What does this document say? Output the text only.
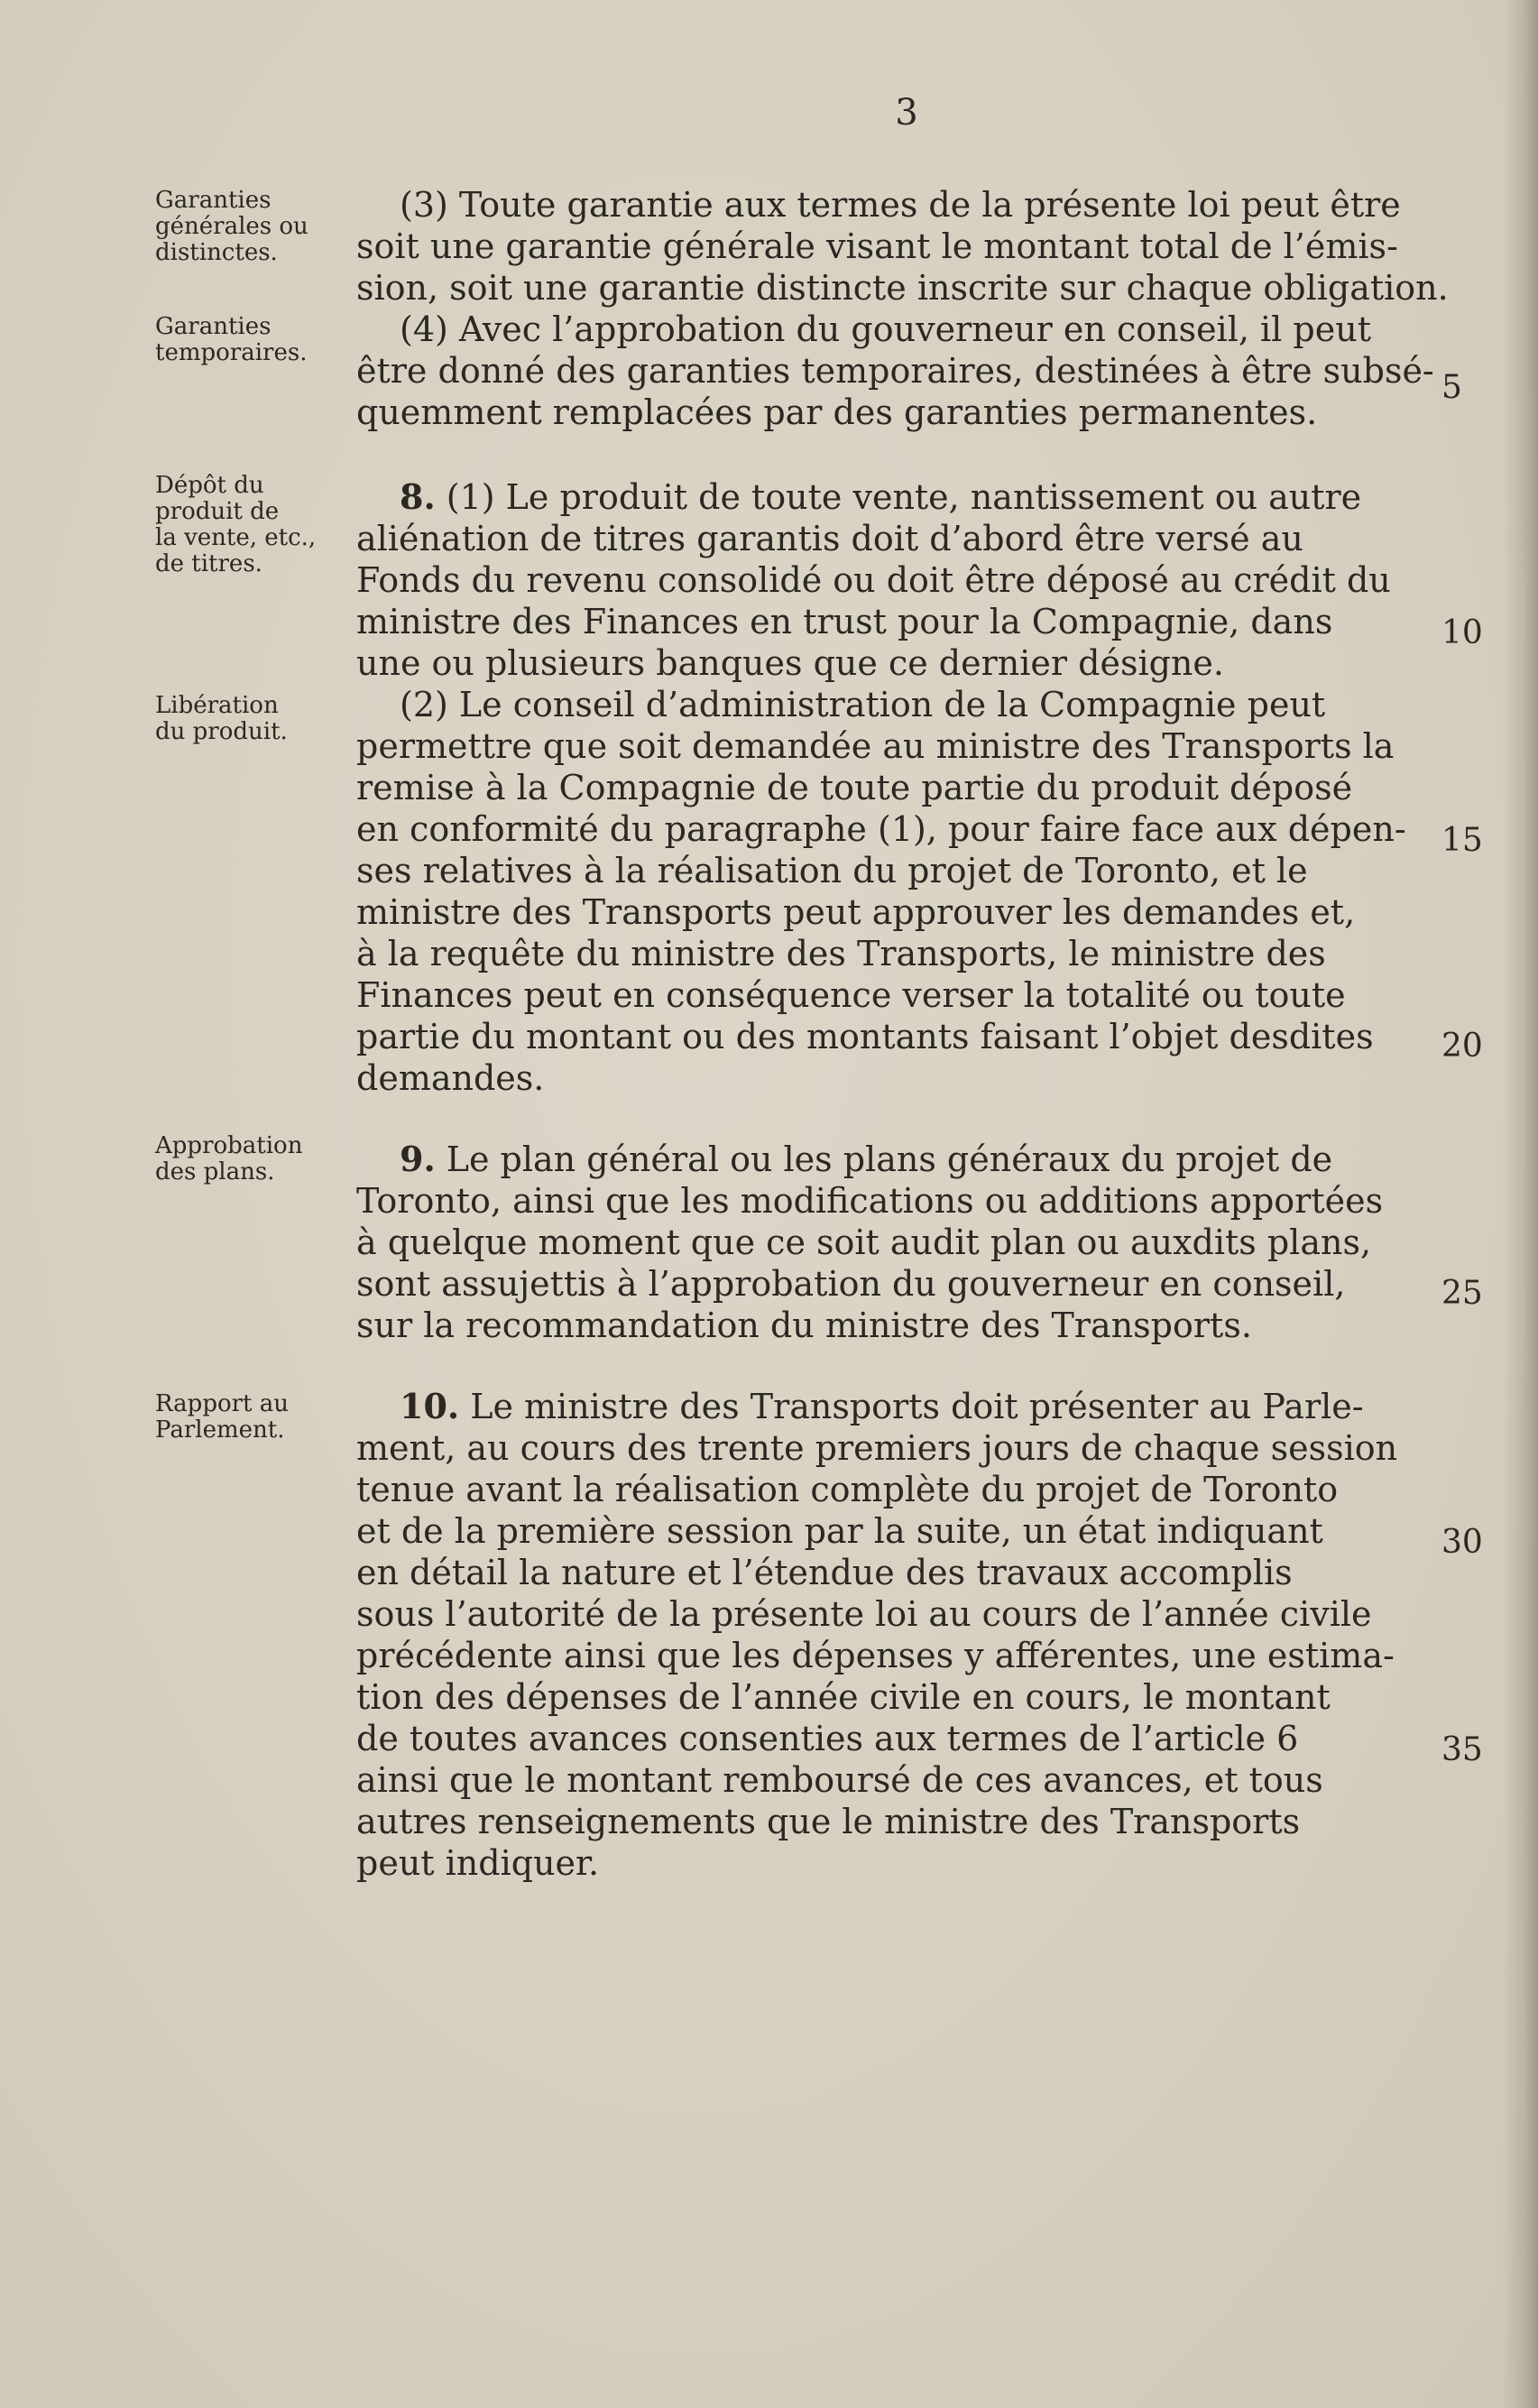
3
Garanties
générales ou
distinctes.
Garanties
temporaires.
Dépôt du
produit de
la vente, etc.,
de titres.
Libération
du produit.
Approbation
des plans.
Rapport au
Parlement.
(3) Toute garantie aux termes de la présente loi peut être
soit une garantie générale visant le montant total de l’émis-
sion, soit une garantie distincte inscrite sur chaque obligation.
(4) Avec l’approbation du gouverneur en conseil, il peut
être donné des garanties temporaires, destinées à être subsé-
quemment remplacées par des garanties permanentes.
8. (1) Le produit de toute vente, nantissement ou autre
aliénation de titres garantis doit d’abord être versé au
Fonds du revenu consolidé ou doit être déposé au crédit du
ministre des Finances en trust pour la Compagnie, dans
une ou plusieurs banques que ce dernier désigne.
(2) Le conseil d’administration de la Compagnie peut
permettre que soit demandée au ministre des Transports la
remise à la Compagnie de toute partie du produit déposé
en conformité du paragraphe (1), pour faire face aux dépen-
ses relatives à la réalisation du projet de Toronto, et le
ministre des Transports peut approuver les demandes et,
à la requête du ministre des Transports, le ministre des
Finances peut en conséquence verser la totalité ou toute
partie du montant ou des montants faisant l’objet desdites
demandes.
9. Le plan général ou les plans généraux du projet de
Toronto, ainsi que les modifications ou additions apportées
à quelque moment que ce soit audit plan ou auxdits plans,
sont assujettis à l’approbation du gouverneur en conseil,
sur la recommandation du ministre des Transports.
10. Le ministre des Transports doit présenter au Parle-
ment, au cours des trente premiers jours de chaque session
tenue avant la réalisation complète du projet de Toronto
et de la première session par la suite, un état indiquant
en détail la nature et l’étendue des travaux accomplis
sous l’autorité de la présente loi au cours de l’année civile
précédente ainsi que les dépenses y afférentes, une estima-
tion des dépenses de l’année civile en cours, le montant
de toutes avances consenties aux termes de l’article 6
ainsi que le montant remboursé de ces avances, et tous
autres renseignements que le ministre des Transports
peut indiquer.
5
10
15
20
25
30
35
